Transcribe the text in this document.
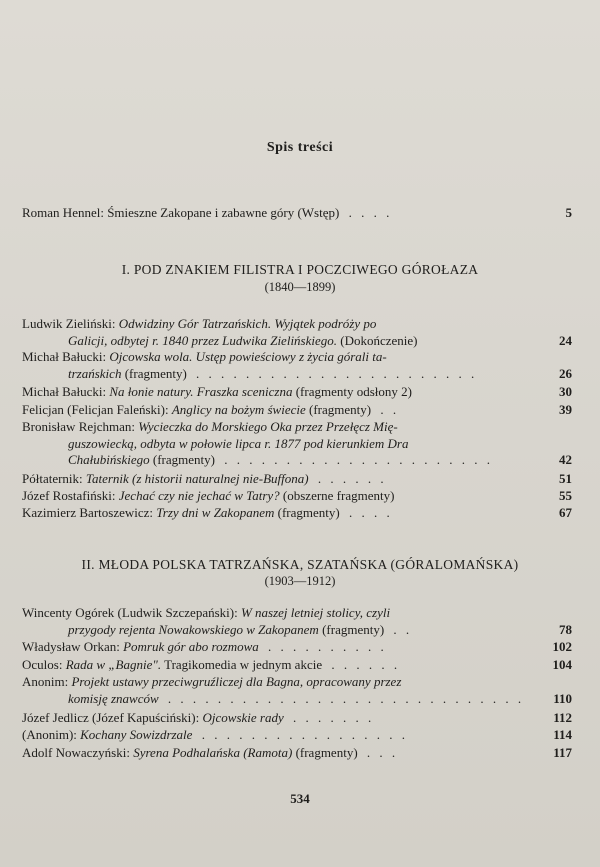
Spis treści
Roman Hennel: Śmieszne Zakopane i zabawne góry (Wstęp) . . . .	5
I. POD ZNAKIEM FILISTRA I POCZCIWEGO GÓROŁAZA
(1840—1899)
Ludwik Zieliński: Odwidziny Gór Tatrzańskich. Wyjątek podróży po
Galicji, odbytej r. 1840 przez Ludwika Zielińskiego. (Dokończenie)	24
Michał Bałucki: Ojcowska wola. Ustęp powieściowy z życia górali ta-
trzańskich (fragmenty) . . . . . . . . . . . . . . . . . . . . . . .	26
Michał Bałucki: Na łonie natury. Fraszka sceniczna (fragmenty odsłony 2)	30
Felicjan (Felicjan Faleński): Anglicy na bożym świecie (fragmenty) . .	39
Bronisław Rejchman: Wycieczka do Morskiego Oka przez Przełęcz Mię-
guszowiecką, odbyta w połowie lipca r. 1877 pod kierunkiem Dra
Chałubińskiego (fragmenty) . . . . . . . . . . . . . . . . . . . . . .	42
Półtaternik: Taternik (z historii naturalnej nie-Buffona) . . . . . .	51
Józef Rostafiński: Jechać czy nie jechać w Tatry? (obszerne fragmenty)	55
Kazimierz Bartoszewicz: Trzy dni w Zakopanem (fragmenty) . . . .	67
II. MŁODA POLSKA TATRZAŃSKA, SZATAŃSKA (GÓRALOMAŃSKA)
(1903—1912)
Wincenty Ogórek (Ludwik Szczepański): W naszej letniej stolicy, czyli
przygody rejenta Nowakowskiego w Zakopanem (fragmenty) . .	78
Władysław Orkan: Pomruk gór abo rozmowa . . . . . . . . . .	102
Oculos: Rada w „Bagnie". Tragikomedia w jednym akcie . . . . . .	104
Anonim: Projekt ustawy przeciwgruźliczej dla Bagna, opracowany przez
komisję znawców . . . . . . . . . . . . . . . . . . . . . . . . . . . . . 110
Józef Jedlicz (Józef Kapuściński): Ojcowskie rady . . . . . . .	112
(Anonim): Kochany Sowizdrzale . . . . . . . . . . . . . . . . .	114
Adolf Nowaczyński: Syrena Podhalańska (Ramota) (fragmenty) . . .	117
534
